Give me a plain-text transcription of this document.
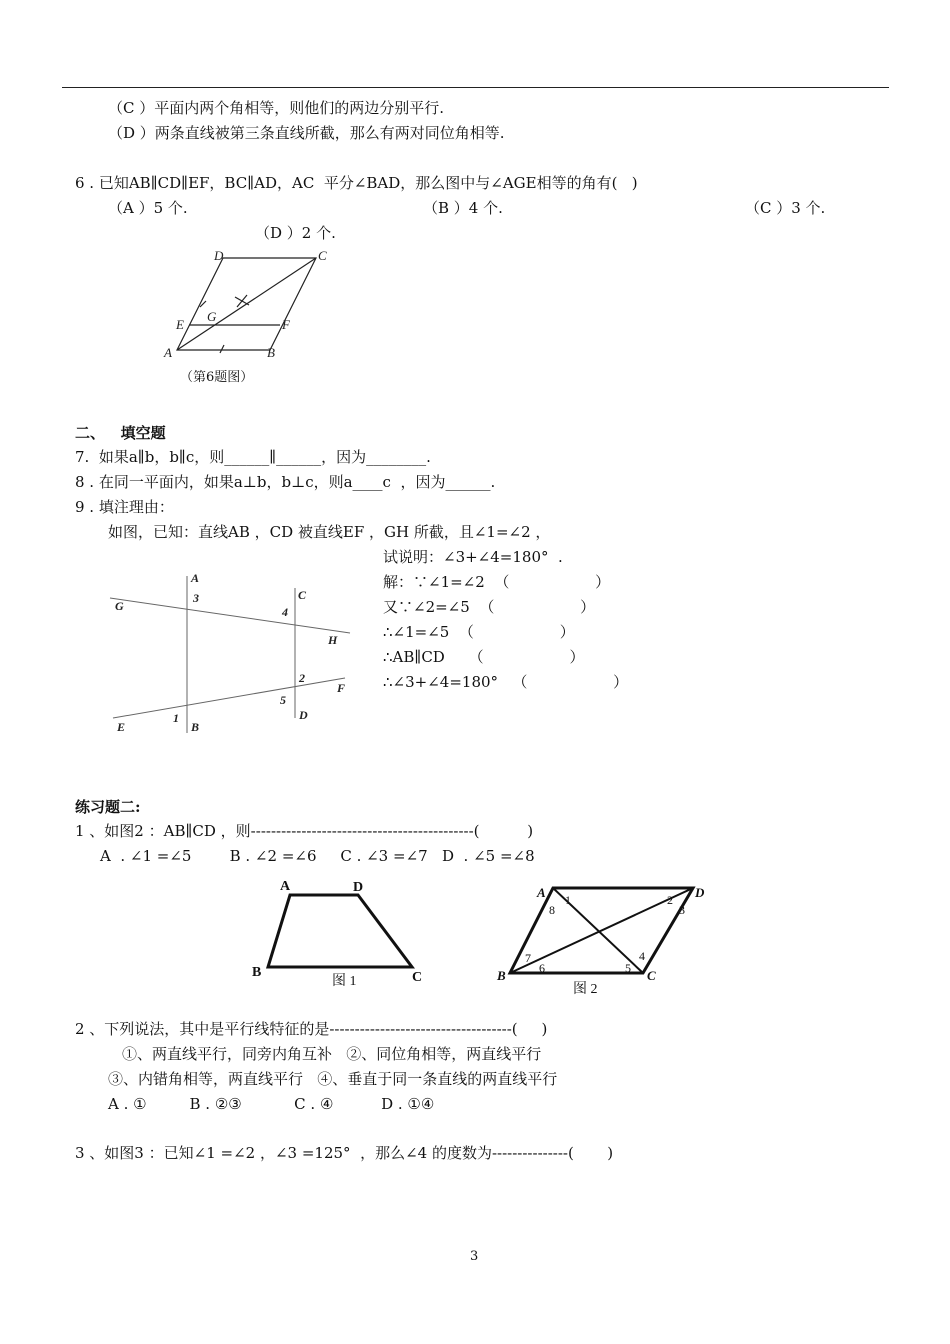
（C ）平面内两个角相等，则他们的两边分别平行.
（D ）两条直线被第三条直线所截，那么有两对同位角相等.
6 . 已知AB∥CD∥EF，BC∥AD，AC  平分∠BAD，那么图中与∠AGE相等的角有(   )
（A ）5 个.	（B ）4 个.	（C ）3 个.
（D ）2 个.
D	C
E
G
F
A	B
（第6题图）
二、   填空题
7.  如果a∥b，b∥c，则______∥______，因为________.
8 . 在同一平面内，如果a⊥b，b⊥c，则a____c  ，因为______.
9 . 填注理由：
如图，已知：直线AB ，CD 被直线EF ，GH 所截，且∠1=∠2 ，
试说明：∠3+∠4=180°  .
解：∵∠1=∠2  （                  ）
又∵∠2=∠5  （                  ）
∴∠1=∠5  （                  ）
∴AB∥CD     （                  ）
∴∠3+∠4=180°   （                  ）
A
G
3	C
4
H
2
F
5
D
1
B
E
练习题二:
1 、如图2 ：AB∥CD ，则--------------------------------------------(          )
A  . ∠1 =∠5        B . ∠2 =∠6     C . ∠3 =∠7   D  . ∠5 =∠8
A	D
B	C
图 1
A	D
B	C
1
8
2
3
7
6
4
5
图 2
2 、下列说法，其中是平行线特征的是------------------------------------(     )
①、两直线平行，同旁内角互补   ②、同位角相等，两直线平行
③、内错角相等，两直线平行   ④、垂直于同一条直线的两直线平行
A . ①         B . ②③           C . ④          D . ①④
3 、如图3 ：已知∠1 =∠2 ，∠3 =125°  ，那么∠4 的度数为---------------(       )
3
